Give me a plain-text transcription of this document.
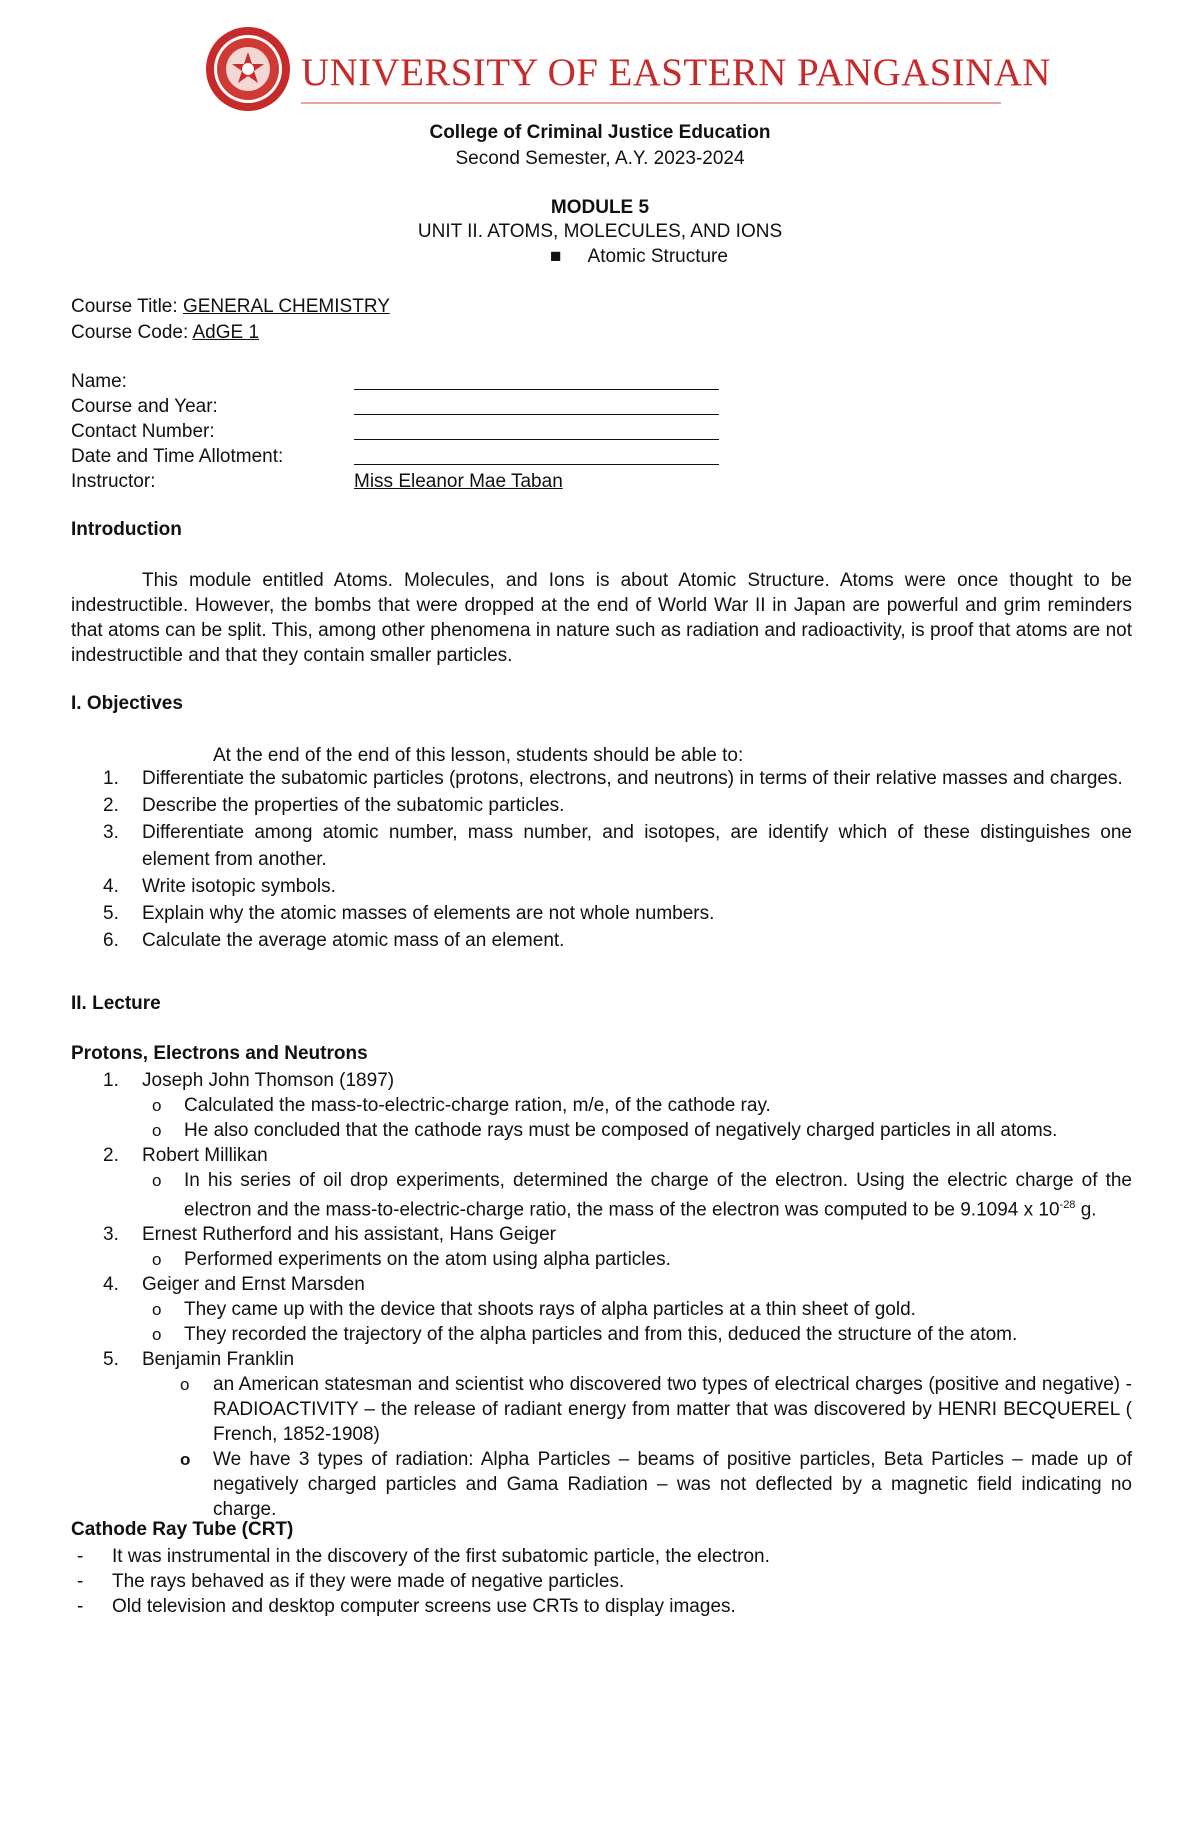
UNIVERSITY OF EASTERN PANGASINAN
College of Criminal Justice Education
Second Semester, A.Y. 2023-2024
MODULE 5
UNIT II. ATOMS, MOLECULES, AND IONS
■ Atomic Structure
Course Title: GENERAL CHEMISTRY
Course Code: AdGE 1
Name:
Course and Year:
Contact Number:
Date and Time Allotment:
Instructor:	Miss Eleanor Mae Taban
Introduction
This module entitled Atoms. Molecules, and Ions is about Atomic Structure. Atoms were once thought to be indestructible. However, the bombs that were dropped at the end of World War II in Japan are powerful and grim reminders that atoms can be split. This, among other phenomena in nature such as radiation and radioactivity, is proof that atoms are not indestructible and that they contain smaller particles.
I. Objectives
At the end of the end of this lesson, students should be able to:
1. Differentiate the subatomic particles (protons, electrons, and neutrons) in terms of their relative masses and charges.
2. Describe the properties of the subatomic particles.
3. Differentiate among atomic number, mass number, and isotopes, are identify which of these distinguishes one element from another.
4. Write isotopic symbols.
5. Explain why the atomic masses of elements are not whole numbers.
6. Calculate the average atomic mass of an element.
II. Lecture
Protons, Electrons and Neutrons
1. Joseph John Thomson (1897)
o Calculated the mass-to-electric-charge ration, m/e, of the cathode ray.
o He also concluded that the cathode rays must be composed of negatively charged particles in all atoms.
2. Robert Millikan
o In his series of oil drop experiments, determined the charge of the electron. Using the electric charge of the electron and the mass-to-electric-charge ratio, the mass of the electron was computed to be 9.1094 x $10^{-28}$ g.
3. Ernest Rutherford and his assistant, Hans Geiger
o Performed experiments on the atom using alpha particles.
4. Geiger and Ernst Marsden
o They came up with the device that shoots rays of alpha particles at a thin sheet of gold.
o They recorded the trajectory of the alpha particles and from this, deduced the structure of the atom.
5. Benjamin Franklin
o an American statesman and scientist who discovered two types of electrical charges (positive and negative) - RADIOACTIVITY – the release of radiant energy from matter that was discovered by HENRI BECQUEREL ( French, 1852-1908)
o We have 3 types of radiation: Alpha Particles – beams of positive particles, Beta Particles – made up of negatively charged particles and Gama Radiation – was not deflected by a magnetic field indicating no charge.
Cathode Ray Tube (CRT)
- It was instrumental in the discovery of the first subatomic particle, the electron.
- The rays behaved as if they were made of negative particles.
- Old television and desktop computer screens use CRTs to display images.
